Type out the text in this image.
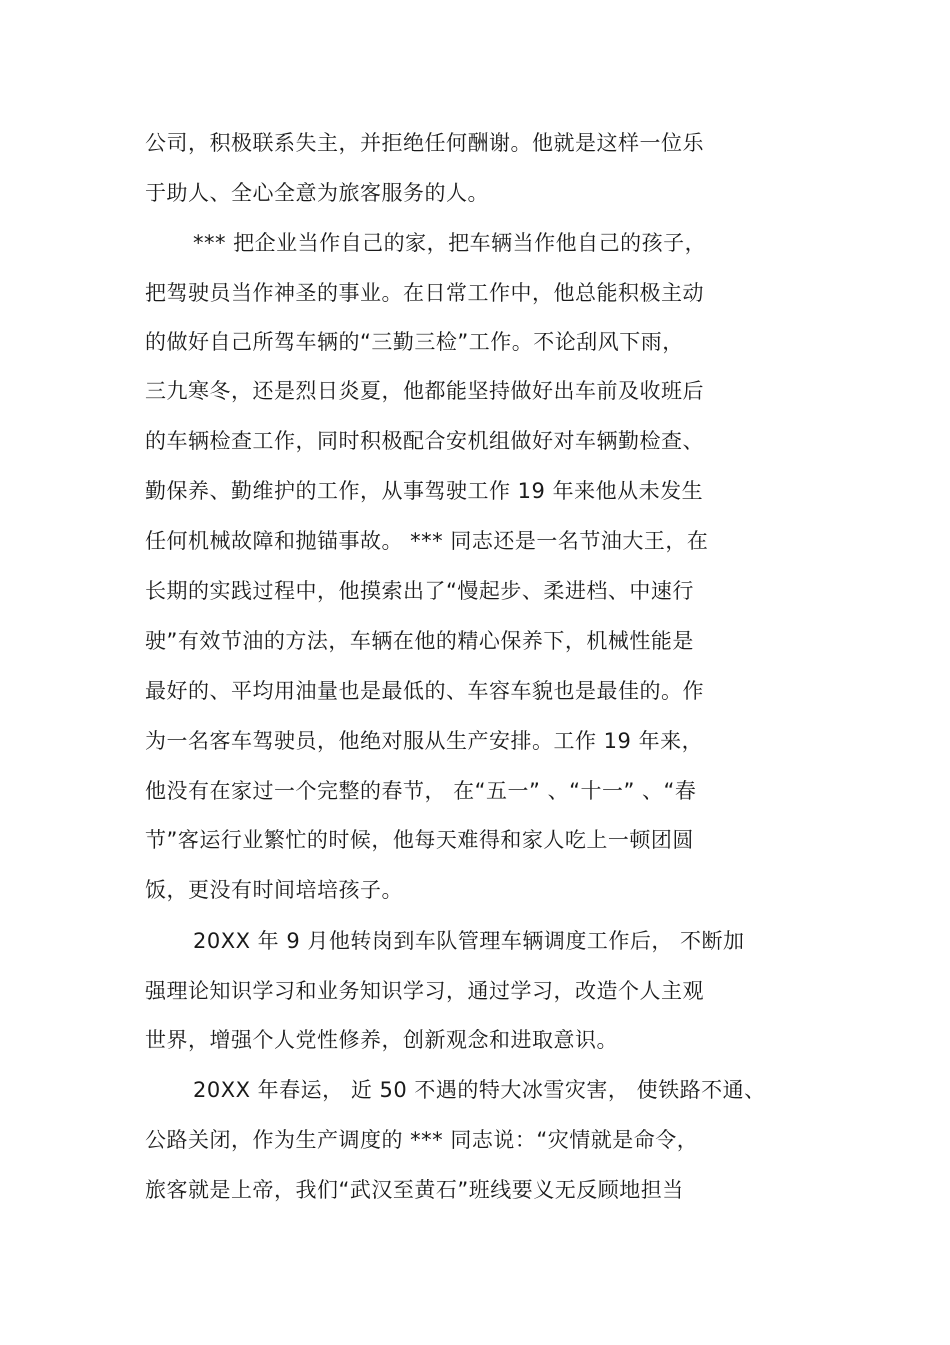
公司，积极联系失主，并拒绝任何酬谢。他就是这样一位乐
于助人、全心全意为旅客服务的人。
*** 把企业当作自己的家，把车辆当作他自己的孩子，
把驾驶员当作神圣的事业。在日常工作中，他总能积极主动
的做好自己所驾车辆的“三勤三检”工作。不论刮风下雨，
三九寒冬，还是烈日炎夏，他都能坚持做好出车前及收班后
的车辆检查工作，同时积极配合安机组做好对车辆勤检查、
勤保养、勤维护的工作，从事驾驶工作 19 年来他从未发生
任何机械故障和抛锚事故。 *** 同志还是一名节油大王，在
长期的实践过程中，他摸索出了“慢起步、柔进档、中速行
驶”有效节油的方法，车辆在他的精心保养下，机械性能是
最好的、平均用油量也是最低的、车容车貌也是最佳的。作
为一名客车驾驶员，他绝对服从生产安排。工作 19 年来，
他没有在家过一个完整的春节， 在“五一” 、“十一” 、“春
节”客运行业繁忙的时候，他每天难得和家人吃上一顿团圆
饭，更没有时间培培孩子。
20XX 年 9 月他转岗到车队管理车辆调度工作后， 不断加
强理论知识学习和业务知识学习，通过学习，改造个人主观
世界，增强个人党性修养，创新观念和进取意识。
20XX 年春运， 近 50 不遇的特大冰雪灾害， 使铁路不通、
公路关闭，作为生产调度的 *** 同志说：“灾情就是命令，
旅客就是上帝，我们“武汉至黄石”班线要义无反顾地担当
